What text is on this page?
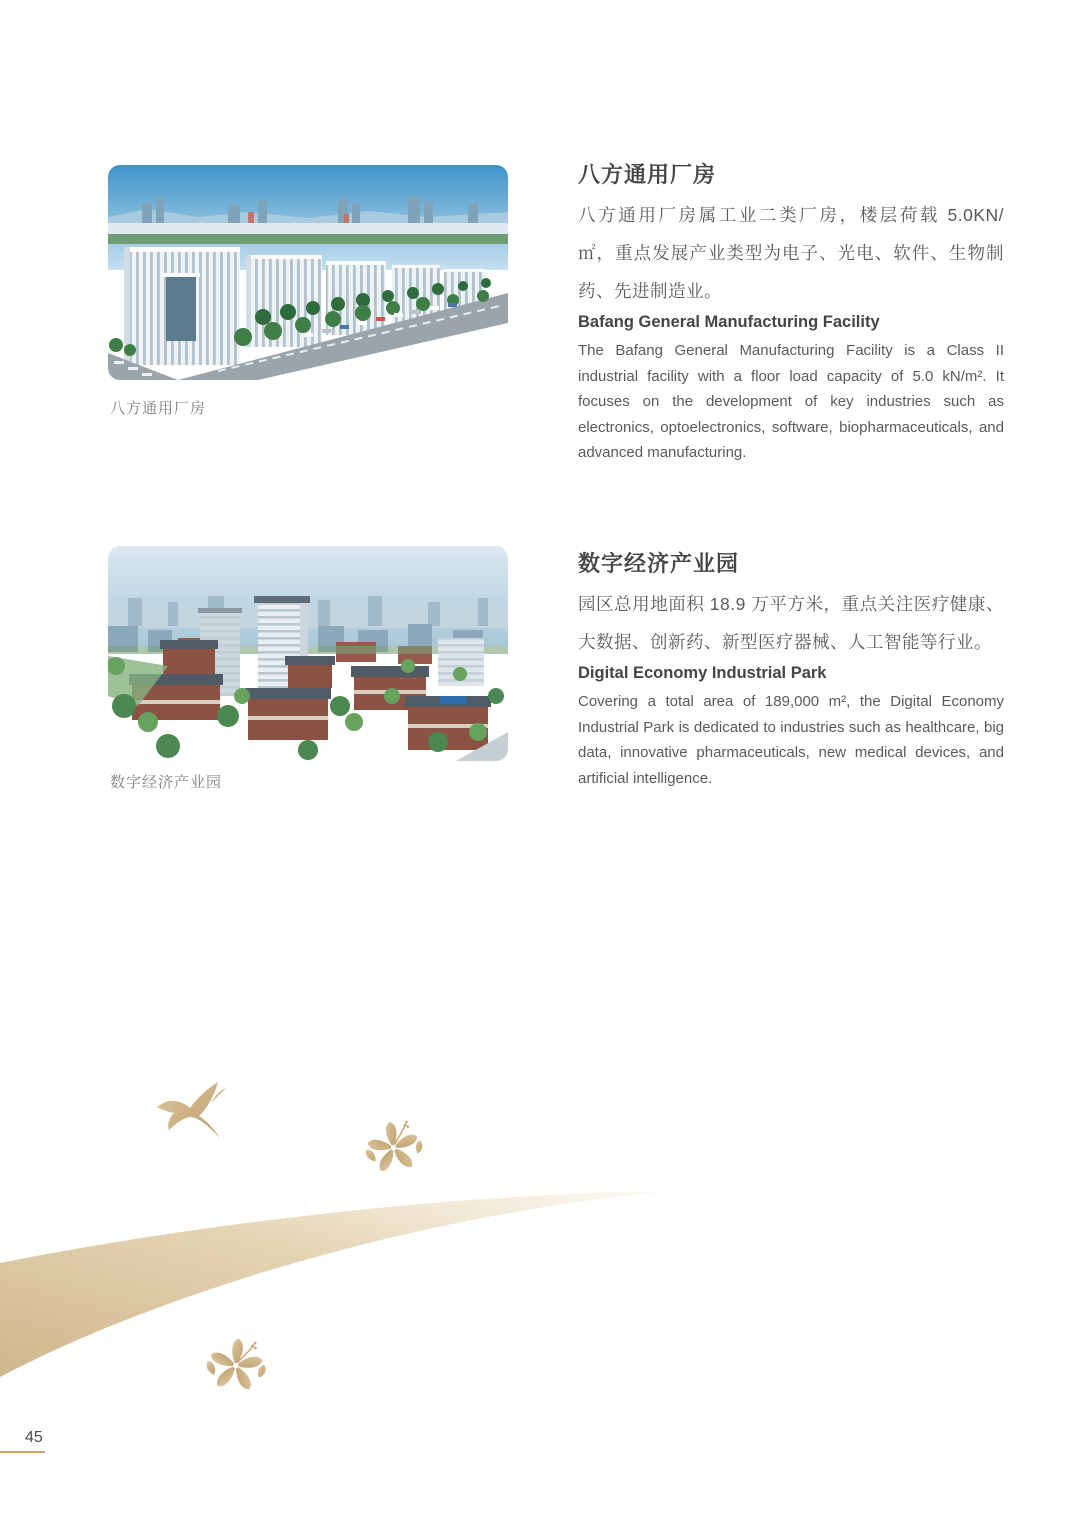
八方通用厂房
八方通用厂房

八方通用厂房属工业二类厂房，楼层荷载 5.0KN/ ㎡，重点发展产业类型为电子、光电、软件、生物制药、先进制造业。

Bafang General Manufacturing Facility

The Bafang General Manufacturing Facility is a Class II industrial facility with a floor load capacity of 5.0 kN/m². It focuses on the development of key industries such as electronics, optoelectronics, software, biopharmaceuticals, and advanced manufacturing.

数字经济产业园
数字经济产业园

园区总用地面积 18.9 万平方米，重点关注医疗健康、大数据、创新药、新型医疗器械、人工智能等行业。

Digital Economy Industrial Park

Covering a total area of 189,000 m², the Digital Economy Industrial Park is dedicated to industries such as healthcare, big data, innovative pharmaceuticals, new medical devices, and artificial intelligence.

45
